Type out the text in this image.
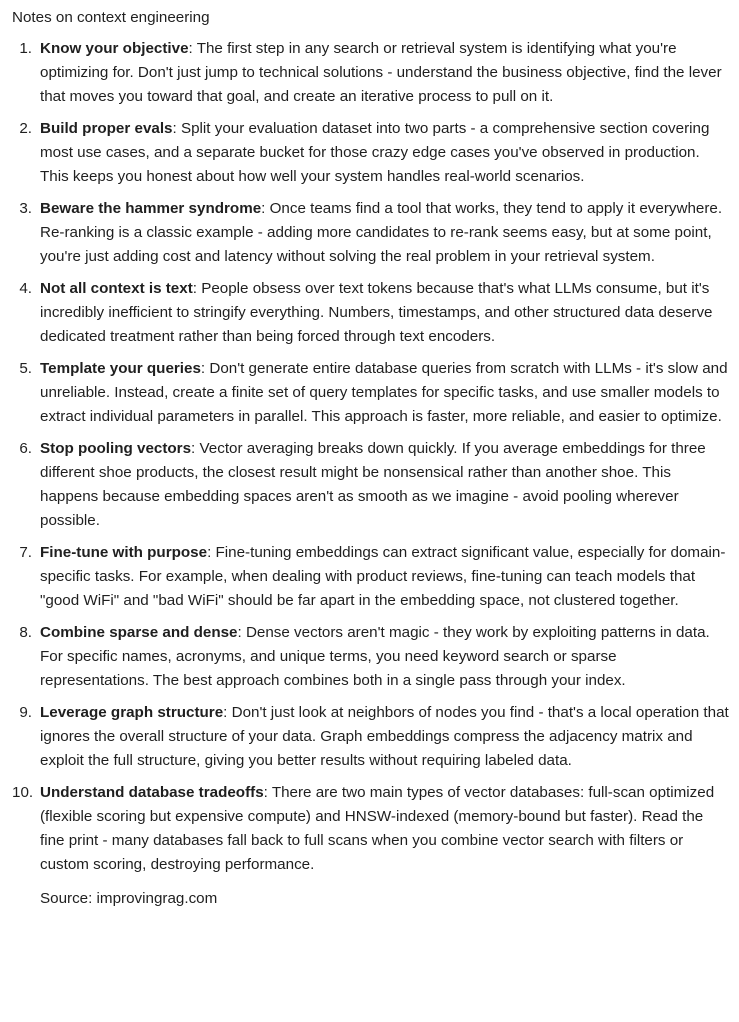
Notes on context engineering
1. Know your objective: The first step in any search or retrieval system is identifying what you're optimizing for. Don't just jump to technical solutions - understand the business objective, find the lever that moves you toward that goal, and create an iterative process to pull on it.
2. Build proper evals: Split your evaluation dataset into two parts - a comprehensive section covering most use cases, and a separate bucket for those crazy edge cases you've observed in production. This keeps you honest about how well your system handles real-world scenarios.
3. Beware the hammer syndrome: Once teams find a tool that works, they tend to apply it everywhere. Re-ranking is a classic example - adding more candidates to re-rank seems easy, but at some point, you're just adding cost and latency without solving the real problem in your retrieval system.
4. Not all context is text: People obsess over text tokens because that's what LLMs consume, but it's incredibly inefficient to stringify everything. Numbers, timestamps, and other structured data deserve dedicated treatment rather than being forced through text encoders.
5. Template your queries: Don't generate entire database queries from scratch with LLMs - it's slow and unreliable. Instead, create a finite set of query templates for specific tasks, and use smaller models to extract individual parameters in parallel. This approach is faster, more reliable, and easier to optimize.
6. Stop pooling vectors: Vector averaging breaks down quickly. If you average embeddings for three different shoe products, the closest result might be nonsensical rather than another shoe. This happens because embedding spaces aren't as smooth as we imagine - avoid pooling wherever possible.
7. Fine-tune with purpose: Fine-tuning embeddings can extract significant value, especially for domain-specific tasks. For example, when dealing with product reviews, fine-tuning can teach models that "good WiFi" and "bad WiFi" should be far apart in the embedding space, not clustered together.
8. Combine sparse and dense: Dense vectors aren't magic - they work by exploiting patterns in data. For specific names, acronyms, and unique terms, you need keyword search or sparse representations. The best approach combines both in a single pass through your index.
9. Leverage graph structure: Don't just look at neighbors of nodes you find - that's a local operation that ignores the overall structure of your data. Graph embeddings compress the adjacency matrix and exploit the full structure, giving you better results without requiring labeled data.
10. Understand database tradeoffs: There are two main types of vector databases: full-scan optimized (flexible scoring but expensive compute) and HNSW-indexed (memory-bound but faster). Read the fine print - many databases fall back to full scans when you combine vector search with filters or custom scoring, destroying performance.
Source: improvingrag.com
